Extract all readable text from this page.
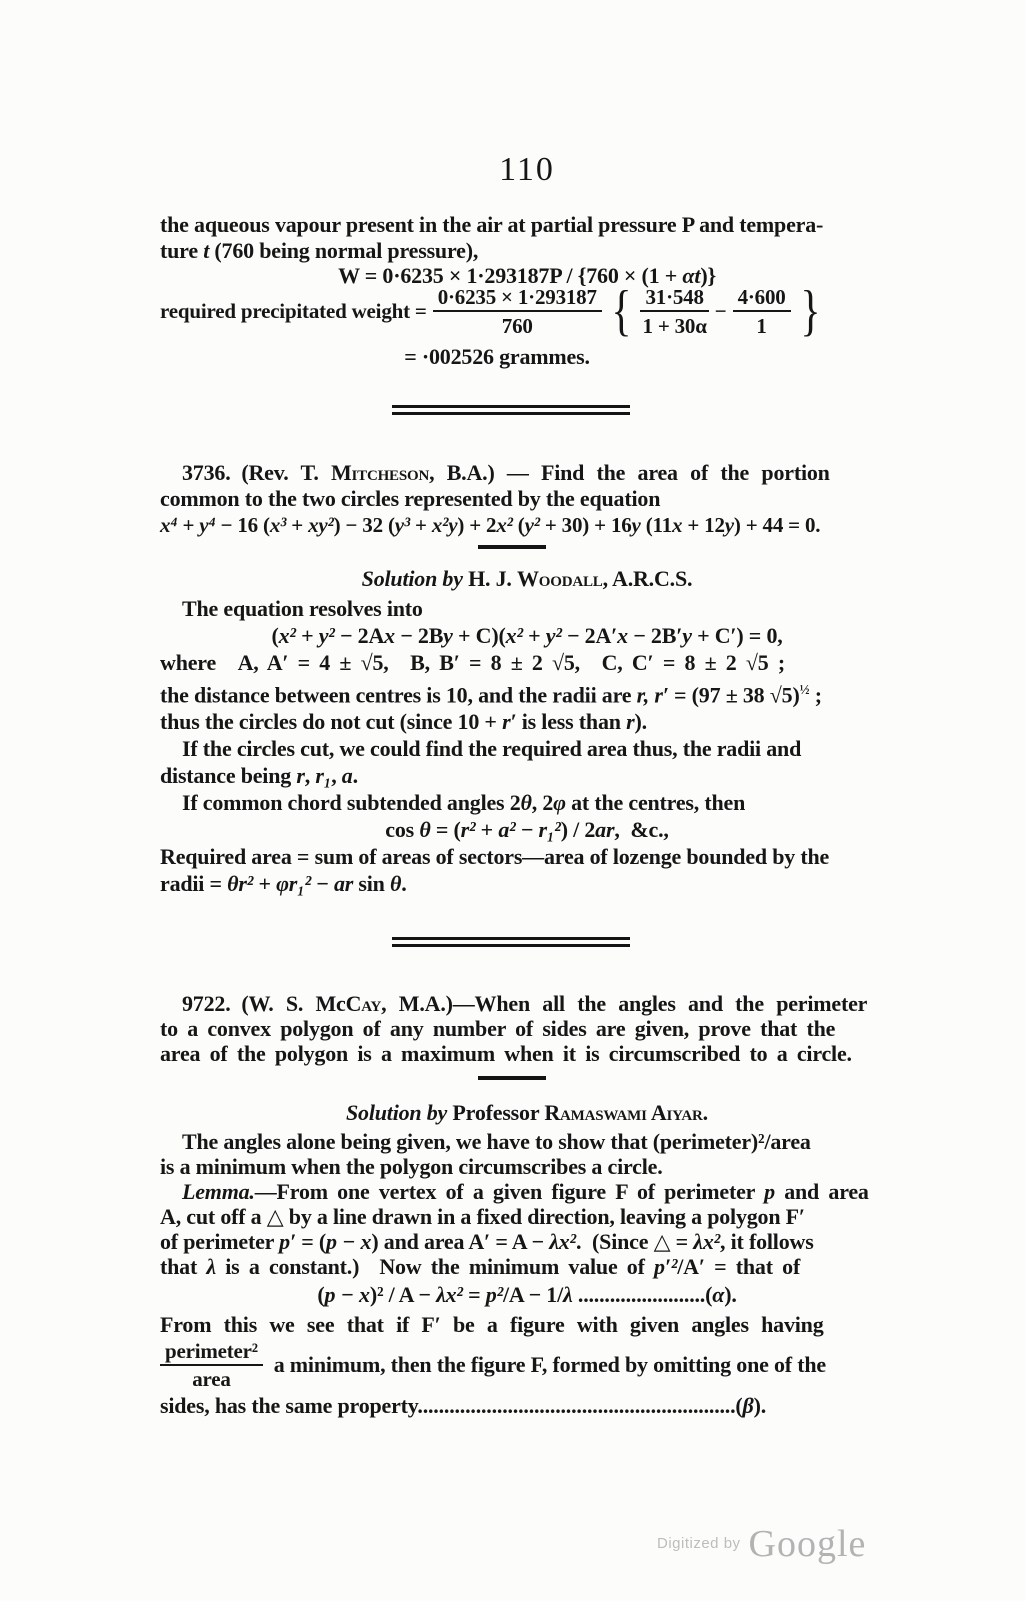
110
the aqueous vapour present in the air at partial pressure P and tempera-
ture t (760 being normal pressure),
W = 0·6235 × 1·293187P / {760 × (1 + αt)}
required precipitated weight = $\frac{0\cdot 6235 \times 1\cdot 293187}{760}$ { $\frac{31\cdot 548}{1 + 30\alpha} - \frac{4\cdot 600}{1}$ }
= ·002526 grammes.
3736. (Rev. T. Mitcheson, B.A.) — Find the area of the portion
common to the two circles represented by the equation
x⁴ + y⁴ − 16 (x³ + xy²) − 32 (y³ + x²y) + 2x² (y² + 30) + 16y (11x + 12y) + 44 = 0.
Solution by H. J. Woodall, A.R.C.S.
The equation resolves into
(x² + y² − 2Ax − 2By + C)(x² + y² − 2A′x − 2B′y + C′) = 0,
where  A, A′ = 4 ± √5,  B, B′ = 8 ± 2 √5,  C, C′ = 8 ± 2 √5 ;
the distance between centres is 10, and the radii are r, r′ = (97 ± 38 √5)$^{\frac{1}{2}}$ ;
thus the circles do not cut (since 10 + r′ is less than r).
If the circles cut, we could find the required area thus, the radii and
distance being r, r₁, a.
If common chord subtended angles 2θ, 2φ at the centres, then
cos θ = (r² + a² − r₁²) / 2ar, &c.,
Required area = sum of areas of sectors—area of lozenge bounded by the
radii = θr² + φr₁² − ar sin θ.
9722. (W. S. McCay, M.A.)—When all the angles and the perimeter
to a convex polygon of any number of sides are given, prove that the
area of the polygon is a maximum when it is circumscribed to a circle.
Solution by Professor Ramaswami Aiyar.
The angles alone being given, we have to show that (perimeter)²/area
is a minimum when the polygon circumscribes a circle.
Lemma.—From one vertex of a given figure F of perimeter p and area
A, cut off a △ by a line drawn in a fixed direction, leaving a polygon F′
of perimeter p′ = (p − x) and area A′ = A − λx². (Since △ = λx², it follows
that λ is a constant.)  Now the minimum value of p′²/A′ = that of
(p − x)² / A − λx² = p²/A − 1/λ ........................(α).
From this we see that if F′ be a figure with given angles having
$\frac{\text{perimeter²}}{\text{area}}$  a minimum, then the figure F, formed by omitting one of the
sides, has the same property............................................................(β).
Digitized by Google
